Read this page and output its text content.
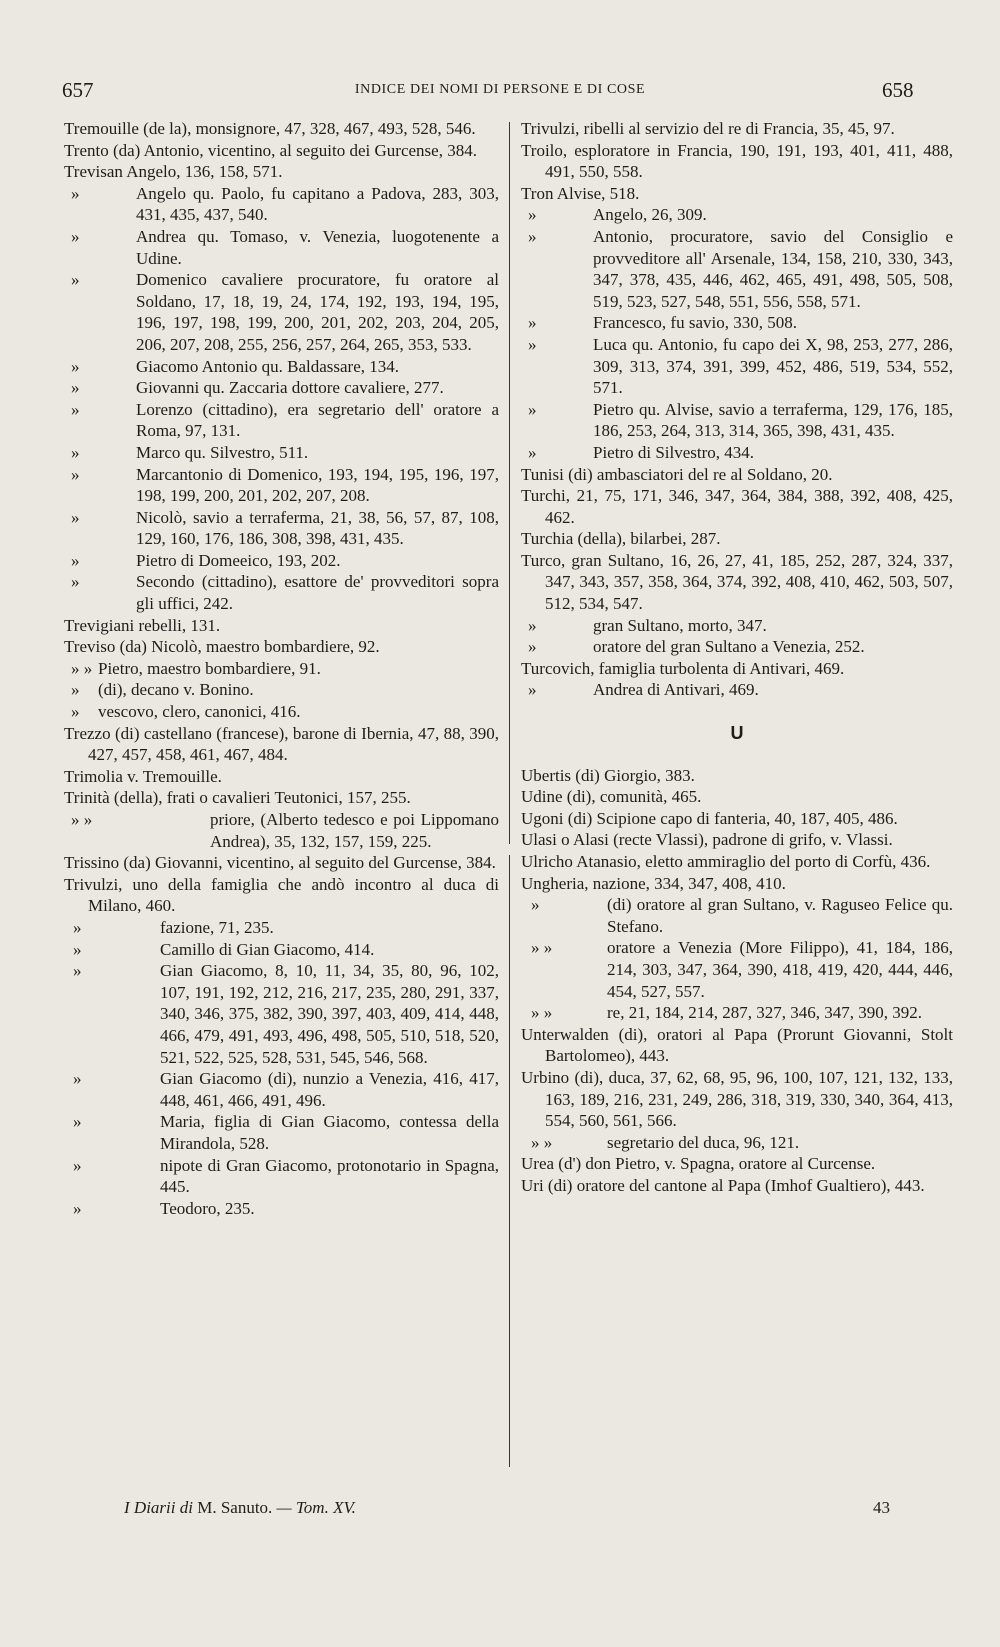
657	INDICE DEI NOMI DI PERSONE E DI COSE	658

Tremouille (de la), monsignore, 47, 328, 467, 493, 528, 546.

Trento (da) Antonio, vicentino, al seguito dei Gurcense, 384.

Trevisan Angelo, 136, 158, 571.

»	Angelo qu. Paolo, fu capitano a Padova, 283, 303, 431, 435, 437, 540.

»	Andrea qu. Tomaso, v. Venezia, luogotenente a Udine.

»	Domenico cavaliere procuratore, fu oratore al Soldano, 17, 18, 19, 24, 174, 192, 193, 194, 195, 196, 197, 198, 199, 200, 201, 202, 203, 204, 205, 206, 207, 208, 255, 256, 257, 264, 265, 353, 533.

»	Giacomo Antonio qu. Baldassare, 134.

»	Giovanni qu. Zaccaria dottore cavaliere, 277.

»	Lorenzo (cittadino), era segretario dell' oratore a Roma, 97, 131.

»	Marco qu. Silvestro, 511.

»	Marcantonio di Domenico, 193, 194, 195, 196, 197, 198, 199, 200, 201, 202, 207, 208.

»	Nicolò, savio a terraferma, 21, 38, 56, 57, 87, 108, 129, 160, 176, 186, 308, 398, 431, 435.

»	Pietro di Domeeico, 193, 202.

»	Secondo (cittadino), esattore de' provveditori sopra gli uffici, 242.

Trevigiani rebelli, 131.

Treviso (da) Nicolò, maestro bombardiere, 92.

» » Pietro, maestro bombardiere, 91.

» (di), decano v. Bonino.

» vescovo, clero, canonici, 416.

Trezzo (di) castellano (francese), barone di Ibernia, 47, 88, 390, 427, 457, 458, 461, 467, 484.

Trimolia v. Tremouille.

Trinità (della), frati o cavalieri Teutonici, 157, 255.

» »	priore, (Alberto tedesco e poi Lippomano Andrea), 35, 132, 157, 159, 225.

Trissino (da) Giovanni, vicentino, al seguito del Gurcense, 384.

Trivulzi, uno della famiglia che andò incontro al duca di Milano, 460.

»	fazione, 71, 235.

»	Camillo di Gian Giacomo, 414.

»	Gian Giacomo, 8, 10, 11, 34, 35, 80, 96, 102, 107, 191, 192, 212, 216, 217, 235, 280, 291, 337, 340, 346, 375, 382, 390, 397, 403, 409, 414, 448, 466, 479, 491, 493, 496, 498, 505, 510, 518, 520, 521, 522, 525, 528, 531, 545, 546, 568.

»	Gian Giacomo (di), nunzio a Venezia, 416, 417, 448, 461, 466, 491, 496.

»	Maria, figlia di Gian Giacomo, contessa della Mirandola, 528.

»	nipote di Gran Giacomo, protonotario in Spagna, 445.

»	Teodoro, 235.

Trivulzi, ribelli al servizio del re di Francia, 35, 45, 97.

Troilo, esploratore in Francia, 190, 191, 193, 401, 411, 488, 491, 550, 558.

Tron Alvise, 518.

»	Angelo, 26, 309.

»	Antonio, procuratore, savio del Consiglio e provveditore all' Arsenale, 134, 158, 210, 330, 343, 347, 378, 435, 446, 462, 465, 491, 498, 505, 508, 519, 523, 527, 548, 551, 556, 558, 571.

»	Francesco, fu savio, 330, 508.

»	Luca qu. Antonio, fu capo dei X, 98, 253, 277, 286, 309, 313, 374, 391, 399, 452, 486, 519, 534, 552, 571.

»	Pietro qu. Alvise, savio a terraferma, 129, 176, 185, 186, 253, 264, 313, 314, 365, 398, 431, 435.

»	Pietro di Silvestro, 434.

Tunisi (di) ambasciatori del re al Soldano, 20.

Turchi, 21, 75, 171, 346, 347, 364, 384, 388, 392, 408, 425, 462.

Turchia (della), bilarbei, 287.

Turco, gran Sultano, 16, 26, 27, 41, 185, 252, 287, 324, 337, 347, 343, 357, 358, 364, 374, 392, 408, 410, 462, 503, 507, 512, 534, 547.

»	gran Sultano, morto, 347.

»	oratore del gran Sultano a Venezia, 252.

Turcovich, famiglia turbolenta di Antivari, 469.

»	Andrea di Antivari, 469.

U

Ubertis (di) Giorgio, 383.

Udine (di), comunità, 465.

Ugoni (di) Scipione capo di fanteria, 40, 187, 405, 486.

Ulasi o Alasi (recte Vlassi), padrone di grifo, v. Vlassi.

Ulricho Atanasio, eletto ammiraglio del porto di Corfù, 436.

Ungheria, nazione, 334, 347, 408, 410.

»	(di) oratore al gran Sultano, v. Raguseo Felice qu. Stefano.

» »	oratore a Venezia (More Filippo), 41, 184, 186, 214, 303, 347, 364, 390, 418, 419, 420, 444, 446, 454, 527, 557.

» »	re, 21, 184, 214, 287, 327, 346, 347, 390, 392.

Unterwalden (di), oratori al Papa (Prorunt Giovanni, Stolt Bartolomeo), 443.

Urbino (di), duca, 37, 62, 68, 95, 96, 100, 107, 121, 132, 133, 163, 189, 216, 231, 249, 286, 318, 319, 330, 340, 364, 413, 554, 560, 561, 566.

» »	segretario del duca, 96, 121.

Urea (d') don Pietro, v. Spagna, oratore al Curcense.

Uri (di) oratore del cantone al Papa (Imhof Gualtiero), 443.

I Diarii di M. Sanuto. — Tom. XV.	43
